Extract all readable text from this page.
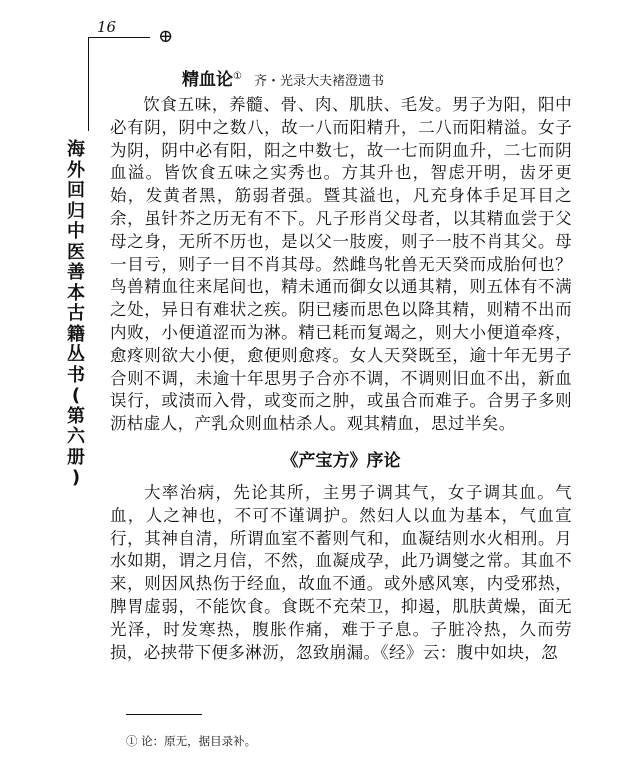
16 ⊕
海
外
回
归
中
医
善
本
古
籍
丛
书
(
第
六
册
)
精血论① 齐・光录大夫褚澄遗书

饮食五味，养髓、骨、肉、肌肤、毛发。男子为阳，阳中必有阴，阴中之数八，故一八而阳精升，二八而阳精溢。女子为阴，阴中必有阳，阳之中数七，故一七而阴血升，二七而阴血溢。皆饮食五味之实秀也。方其升也，智虑开明，齿牙更始，发黄者黑，筋弱者强。暨其溢也，凡充身体手足耳目之余，虽针芥之历无有不下。凡子形肖父母者，以其精血尝于父母之身，无所不历也，是以父一肢废，则子一肢不肖其父。母一目亏，则子一目不肖其母。然雌鸟牝兽无天癸而成胎何也？鸟兽精血往来尾间也，精未通而御女以通其精，则五体有不满之处，异日有难状之疾。阴已痿而思色以降其精，则精不出而内败，小便道涩而为淋。精已耗而复竭之，则大小便道牵疼，愈疼则欲大小便，愈便则愈疼。女人天癸既至，逾十年无男子合则不调，未逾十年思男子合亦不调，不调则旧血不出，新血误行，或渍而入骨，或变而之肿，或虽合而难子。合男子多则沥枯虚人，产乳众则血枯杀人。观其精血，思过半矣。

《产宝方》序论

大率治病，先论其所，主男子调其气，女子调其血。气血，人之神也，不可不谨调护。然妇人以血为基本，气血宣行，其神自清，所谓血室不蓄则气和，血凝结则水火相刑。月水如期，谓之月信，不然，血凝成孕，此乃调燮之常。其血不来，则因风热伤于经血，故血不通。或外感风寒，内受邪热，脾胃虚弱，不能饮食。食既不充荣卫，抑遏，肌肤黄燥，面无光泽，时发寒热，腹胀作痛，难于子息。子脏冷热，久而劳损，必挟带下便多淋沥，忽致崩漏。《经》云：腹中如块，忽

① 论：原无，据目录补。
